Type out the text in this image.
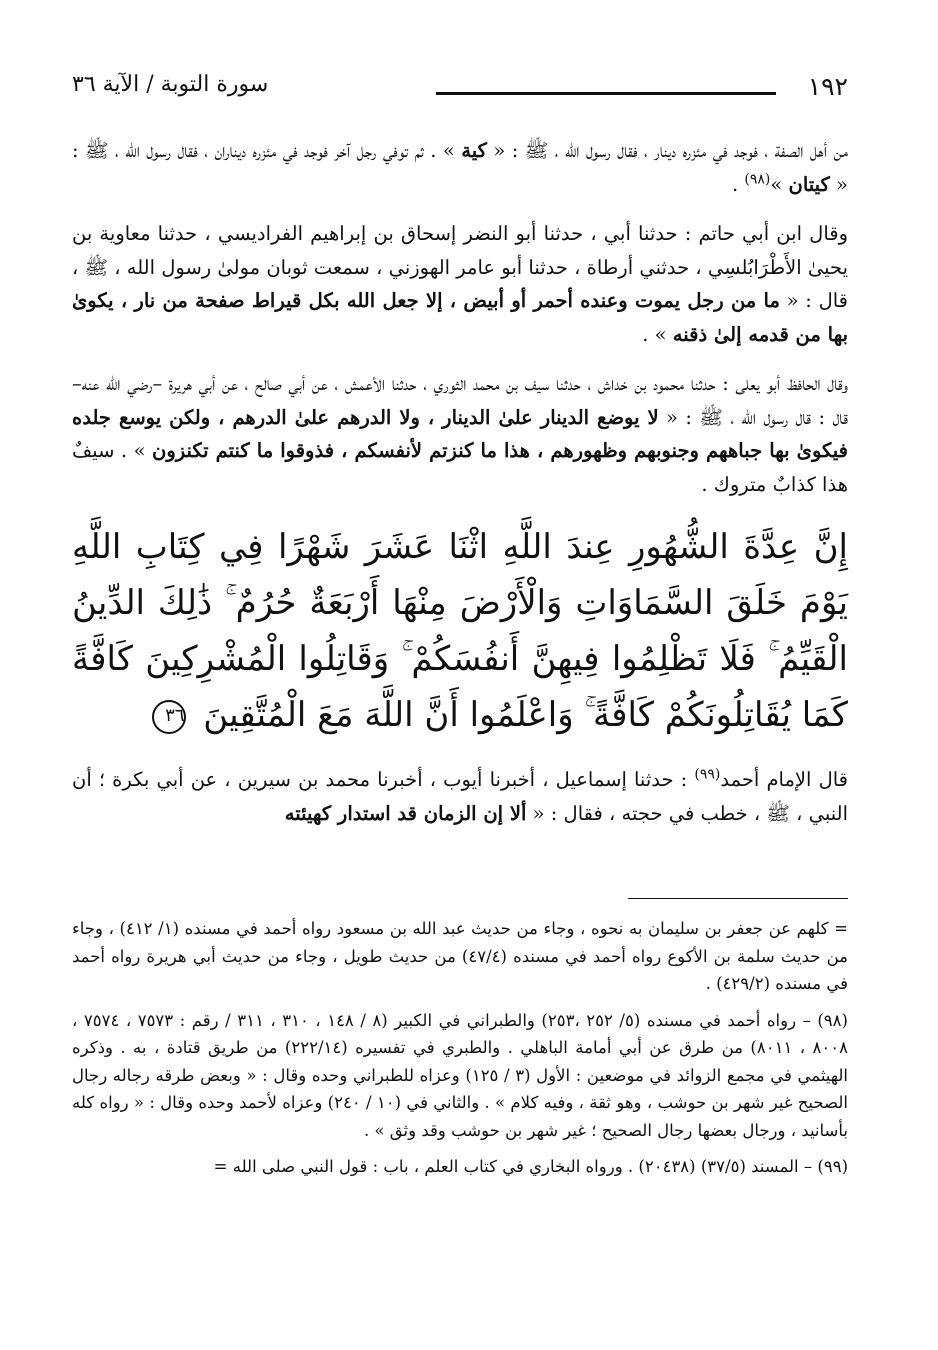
١٩٢
سورة التوبة / الآية ٣٦

من أهل الصفة ، فوجد في مئزره دينار ، فقال رسول الله ، ﷺ : « كية » . ثم توفي رجل آخر فوجد في مئزره ديناران ، فقال رسول الله ، ﷺ : « كيتان »$^{(٩٨)}$ .

وقال ابن أبي حاتم : حدثنا أبي ، حدثنا أبو النضر إسحاق بن إبراهيم الفراديسي ، حدثنا معاوية بن يحيىٰ الأَطْرَابُلسِي ، حدثني أرطاة ، حدثنا أبو عامر الهوزني ، سمعت ثوبان مولىٰ رسول الله ، ﷺ ، قال : « ما من رجل يموت وعنده أحمر أو أبيض ، إلا جعل الله بكل قيراط صفحة من نار ، يكوىٰ بها من قدمه إلىٰ ذقنه » .

وقال الحافظ أبو يعلى : حدثنا محمود بن خداش ، حدثنا سيف بن محمد الثوري ، حدثنا الأعمش ، عن أبي صالح ، عن أبي هريرة –رضي الله عنه– قال : قال رسول الله ، ﷺ : « لا يوضع الدينار علىٰ الدينار ، ولا الدرهم علىٰ الدرهم ، ولكن يوسع جلده فيكوىٰ بها جباههم وجنوبهم وظهورهم ، هذا ما كنزتم لأنفسكم ، فذوقوا ما كنتم تكنزون » . سيفٌ هذا كذابٌ متروك .

إِنَّ عِدَّةَ الشُّهُورِ عِندَ اللَّهِ اثْنَا عَشَرَ شَهْرًا فِي كِتَابِ اللَّهِ يَوْمَ خَلَقَ السَّمَاوَاتِ وَالْأَرْضَ مِنْهَا أَرْبَعَةٌ حُرُمٌ ۚ ذَٰلِكَ الدِّينُ الْقَيِّمُ ۚ فَلَا تَظْلِمُوا فِيهِنَّ أَنفُسَكُمْ ۚ وَقَاتِلُوا الْمُشْرِكِينَ كَافَّةً كَمَا يُقَاتِلُونَكُمْ كَافَّةً ۚ وَاعْلَمُوا أَنَّ اللَّهَ مَعَ الْمُتَّقِينَ ٣٦

قال الإمام أحمد$^{(٩٩)}$ : حدثنا إسماعيل ، أخبرنا أيوب ، أخبرنا محمد بن سيرين ، عن أبي بكرة ؛ أن النبي ، ﷺ ، خطب في حجته ، فقال : « ألا إن الزمان قد استدار كهيئته

= كلهم عن جعفر بن سليمان به نحوه ، وجاء من حديث عبد الله بن مسعود رواه أحمد في مسنده (١/ ٤١٢) ، وجاء من حديث سلمة بن الأكوع رواه أحمد في مسنده (٤٧/٤) من حديث طويل ، وجاء من حديث أبي هريرة رواه أحمد في مسنده (٤٢٩/٢) .

(٩٨) – رواه أحمد في مسنده (٥/ ٢٥٢ ،٢٥٣) والطبراني في الكبير (٨ / ١٤٨ ، ٣١٠ ، ٣١١ / رقم : ٧٥٧٣ ، ٧٥٧٤ ، ٨٠٠٨ ، ٨٠١١) من طرق عن أبي أمامة الباهلي . والطبري في تفسيره (٢٢٢/١٤) من طريق قتادة ، به . وذكره الهيثمي في مجمع الزوائد في موضعين : الأول (٣ / ١٢٥) وعزاه للطبراني وحده وقال : « وبعض طرقه رجاله رجال الصحيح غير شهر بن حوشب ، وهو ثقة ، وفيه كلام » . والثاني في (١٠ / ٢٤٠) وعزاه لأحمد وحده وقال : « رواه كله بأسانيد ، ورجال بعضها رجال الصحيح ؛ غير شهر بن حوشب وقد وثق » .

(٩٩) – المسند (٣٧/٥) (٢٠٤٣٨) . ورواه البخاري في كتاب العلم ، باب : قول النبي صلى الله =
